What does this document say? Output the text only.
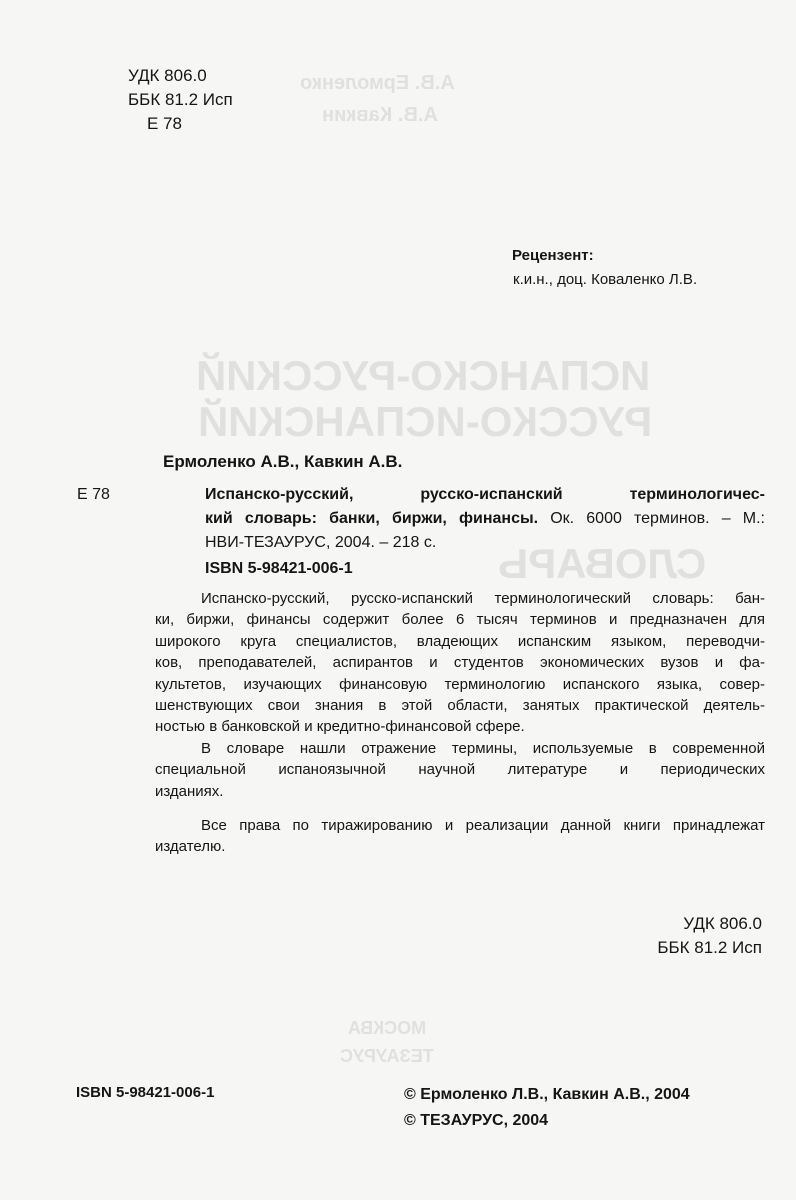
А.В. Ермоленко
А.В. Кавкин
ИСПАНСКО-РУССКИЙ
РУССКО-ИСПАНСКИЙ
СЛОВАРЬ
МОСКВА
ТЕЗАУРУС
УДК 806.0
ББК 81.2 Исп
Е 78
Рецензент:
к.и.н., доц. Коваленко Л.В.
Ермоленко А.В., Кавкин А.В.
Е 78	Испанско-русский, русско-испанский терминологичес-
кий словарь: банки, биржи, финансы. Ок. 6000 терминов. – М.:
НВИ-ТЕЗАУРУС, 2004. – 218 с.
ISBN 5-98421-006-1

Испанско-русский, русско-испанский терминологический словарь: бан-
ки, биржи, финансы содержит более 6 тысяч терминов и предназначен для
широкого круга специалистов, владеющих испанским языком, переводчи-
ков, преподавателей, аспирантов и студентов экономических вузов и фа-
культетов, изучающих финансовую терминологию испанского языка, совер-
шенствующих свои знания в этой области, занятых практической деятель-
ностью в банковской и кредитно-финансовой сфере.

В словаре нашли отражение термины, используемые в современной
специальной испаноязычной научной литературе и периодических
изданиях.

Все права по тиражированию и реализации данной книги принадлежат
издателю.

УДК 806.0
ББК 81.2 Исп
ISBN 5-98421-006-1	© Ермоленко Л.В., Кавкин А.В., 2004
© ТЕЗАУРУС, 2004
